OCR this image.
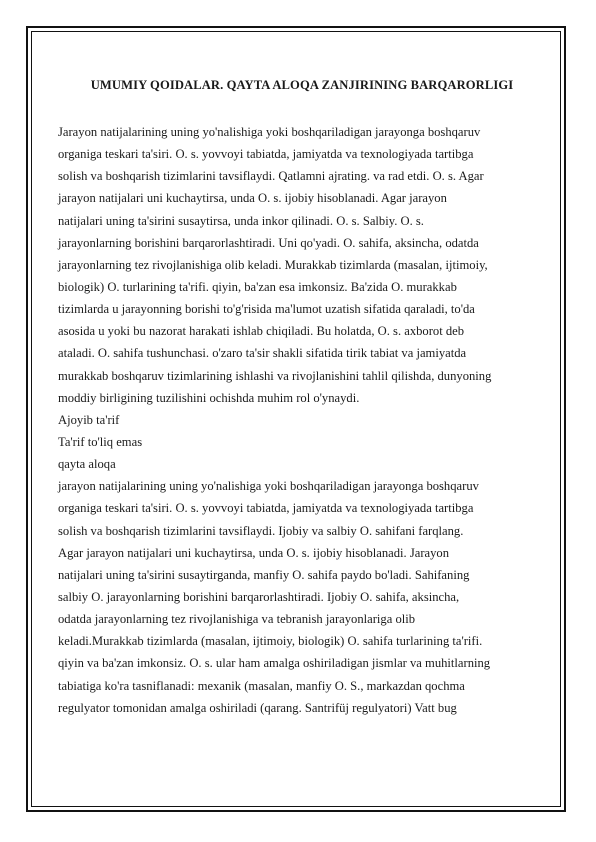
UMUMIY QOIDALAR. QAYTA ALOQA ZANJIRINING BARQARORLIGI
Jarayon natijalarining uning yo'nalishiga yoki boshqariladigan jarayonga boshqaruv
organiga teskari ta'siri. O. s. yovvoyi tabiatda, jamiyatda va texnologiyada tartibga
solish va boshqarish tizimlarini tavsiflaydi. Qatlamni ajrating. va rad etdi. O. s. Agar
jarayon natijalari uni kuchaytirsa, unda O. s. ijobiy hisoblanadi. Agar jarayon
natijalari uning ta'sirini susaytirsa, unda inkor qilinadi. O. s. Salbiy. O. s.
jarayonlarning borishini barqarorlashtiradi. Uni qo'yadi. O. sahifa, aksincha, odatda
jarayonlarning tez rivojlanishiga olib keladi. Murakkab tizimlarda (masalan, ijtimoiy,
biologik) O. turlarining ta'rifi. qiyin, ba'zan esa imkonsiz. Ba'zida O. murakkab
tizimlarda u jarayonning borishi to'g'risida ma'lumot uzatish sifatida qaraladi, to'da
asosida u yoki bu nazorat harakati ishlab chiqiladi. Bu holatda, O. s. axborot deb
ataladi. O. sahifa tushunchasi. o'zaro ta'sir shakli sifatida tirik tabiat va jamiyatda
murakkab boshqaruv tizimlarining ishlashi va rivojlanishini tahlil qilishda, dunyoning
moddiy birligining tuzilishini ochishda muhim rol o'ynaydi.
Ajoyib ta'rif
Ta'rif to'liq emas
qayta aloqa
jarayon natijalarining uning yo'nalishiga yoki boshqariladigan jarayonga boshqaruv
organiga teskari ta'siri. O. s. yovvoyi tabiatda, jamiyatda va texnologiyada tartibga
solish va boshqarish tizimlarini tavsiflaydi. Ijobiy va salbiy O. sahifani farqlang.
Agar jarayon natijalari uni kuchaytirsa, unda O. s. ijobiy hisoblanadi. Jarayon
natijalari uning ta'sirini susaytirganda, manfiy O. sahifa paydo bo'ladi. Sahifaning
salbiy O. jarayonlarning borishini barqarorlashtiradi. Ijobiy O. sahifa, aksincha,
odatda jarayonlarning tez rivojlanishiga va tebranish jarayonlariga olib
keladi.Murakkab tizimlarda (masalan, ijtimoiy, biologik) O. sahifa turlarining ta'rifi.
qiyin va ba'zan imkonsiz. O. s. ular ham amalga oshiriladigan jismlar va muhitlarning
tabiatiga ko'ra tasniflanadi: mexanik (masalan, manfiy O. S., markazdan qochma
regulyator tomonidan amalga oshiriladi (qarang. Santrifüj regulyatori) Vatt bug
